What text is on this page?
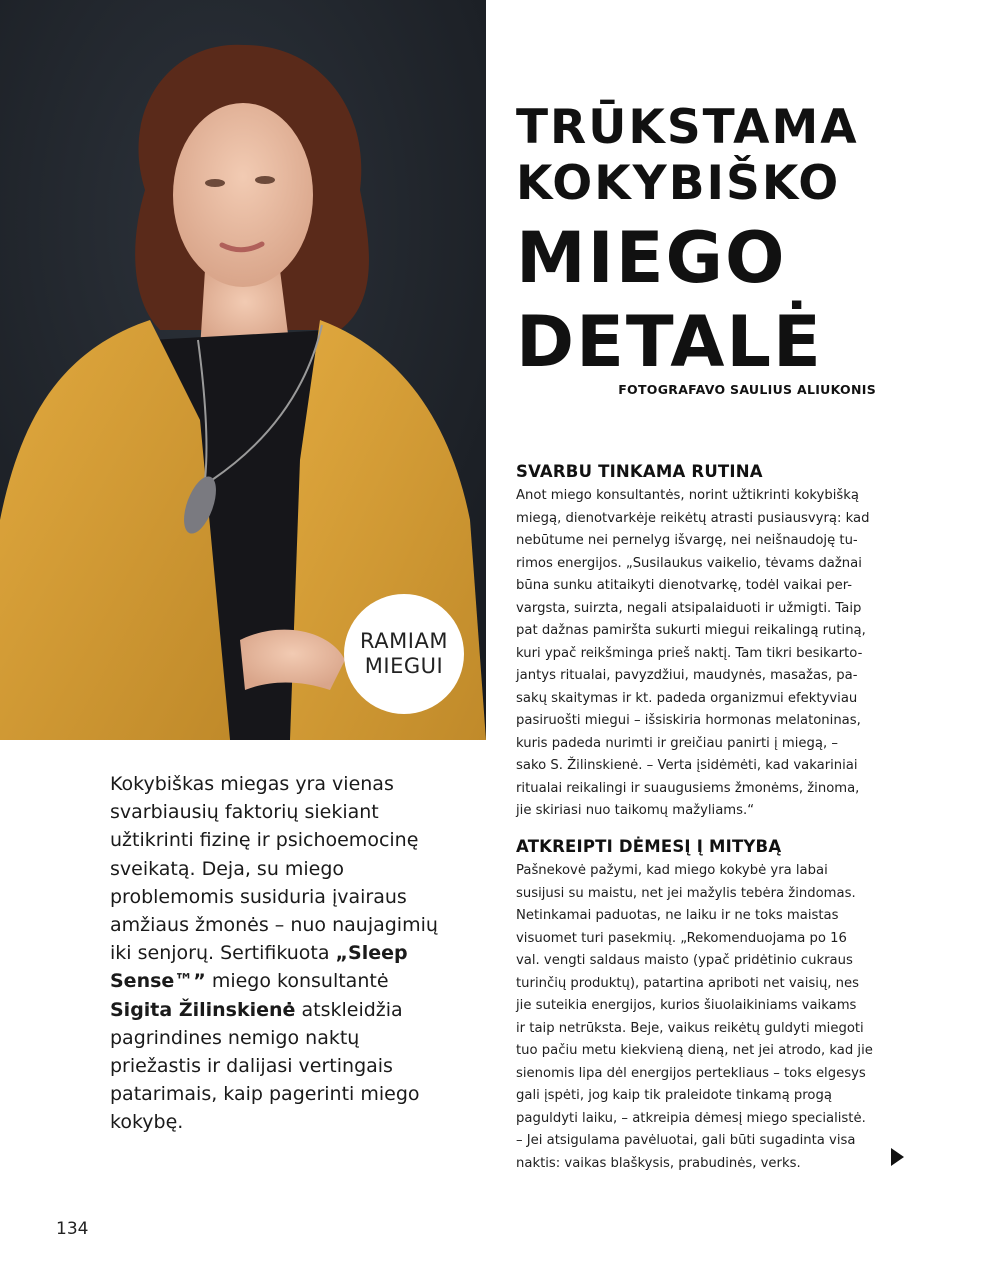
RAMIAM
MIEGUI
TRŪKSTAMA
KOKYBIŠKO
MIEGO
DETALĖ
FOTOGRAFAVO SAULIUS ALIUKONIS
Kokybiškas miegas yra vienas svarbiausių faktorių siekiant užtikrinti fizinę ir psichoemocinę sveikatą. Deja, su miego problemomis susiduria įvairaus amžiaus žmonės – nuo naujagimių iki senjorų. Sertifikuota „Sleep Sense™” miego konsultantė Sigita Žilinskienė atskleidžia pagrindines nemigo naktų priežastis ir dalijasi vertingais patarimais, kaip pagerinti miego kokybę.
SVARBU TINKAMA RUTINA
Anot miego konsultantės, norint užtikrinti kokybišką
miegą, dienotvarkėje reikėtų atrasti pusiausvyrą: kad
nebūtume nei pernelyg išvargę, nei neišnaudoję tu-
rimos energijos. „Susilaukus vaikelio, tėvams dažnai
būna sunku atitaikyti dienotvarkę, todėl vaikai per-
vargsta, suirzta, negali atsipalaiduoti ir užmigti. Taip
pat dažnas pamiršta sukurti miegui reikalingą rutiną,
kuri ypač reikšminga prieš naktį. Tam tikri besikarto-
jantys ritualai, pavyzdžiui, maudynės, masažas, pa-
sakų skaitymas ir kt. padeda organizmui efektyviau
pasiruošti miegui – išsiskiria hormonas melatoninas,
kuris padeda nurimti ir greičiau panirti į miegą, –
sako S. Žilinskienė. – Verta įsidėmėti, kad vakariniai
ritualai reikalingi ir suaugusiems žmonėms, žinoma,
jie skiriasi nuo taikomų mažyliams.“
ATKREIPTI DĖMESĮ Į MITYBĄ
Pašnekovė pažymi, kad miego kokybė yra labai
susijusi su maistu, net jei mažylis tebėra žindomas.
Netinkamai paduotas, ne laiku ir ne toks maistas
visuomet turi pasekmių. „Rekomenduojama po 16
val. vengti saldaus maisto (ypač pridėtinio cukraus
turinčių produktų), patartina apriboti net vaisių, nes
jie suteikia energijos, kurios šiuolaikiniams vaikams
ir taip netrūksta. Beje, vaikus reikėtų guldyti miegoti
tuo pačiu metu kiekvieną dieną, net jei atrodo, kad jie
sienomis lipa dėl energijos pertekliaus – toks elgesys
gali įspėti, jog kaip tik praleidote tinkamą progą
paguldyti laiku, – atkreipia dėmesį miego specialistė.
– Jei atsigulama pavėluotai, gali būti sugadinta visa
naktis: vaikas blaškysis, prabudinės, verks.
134
